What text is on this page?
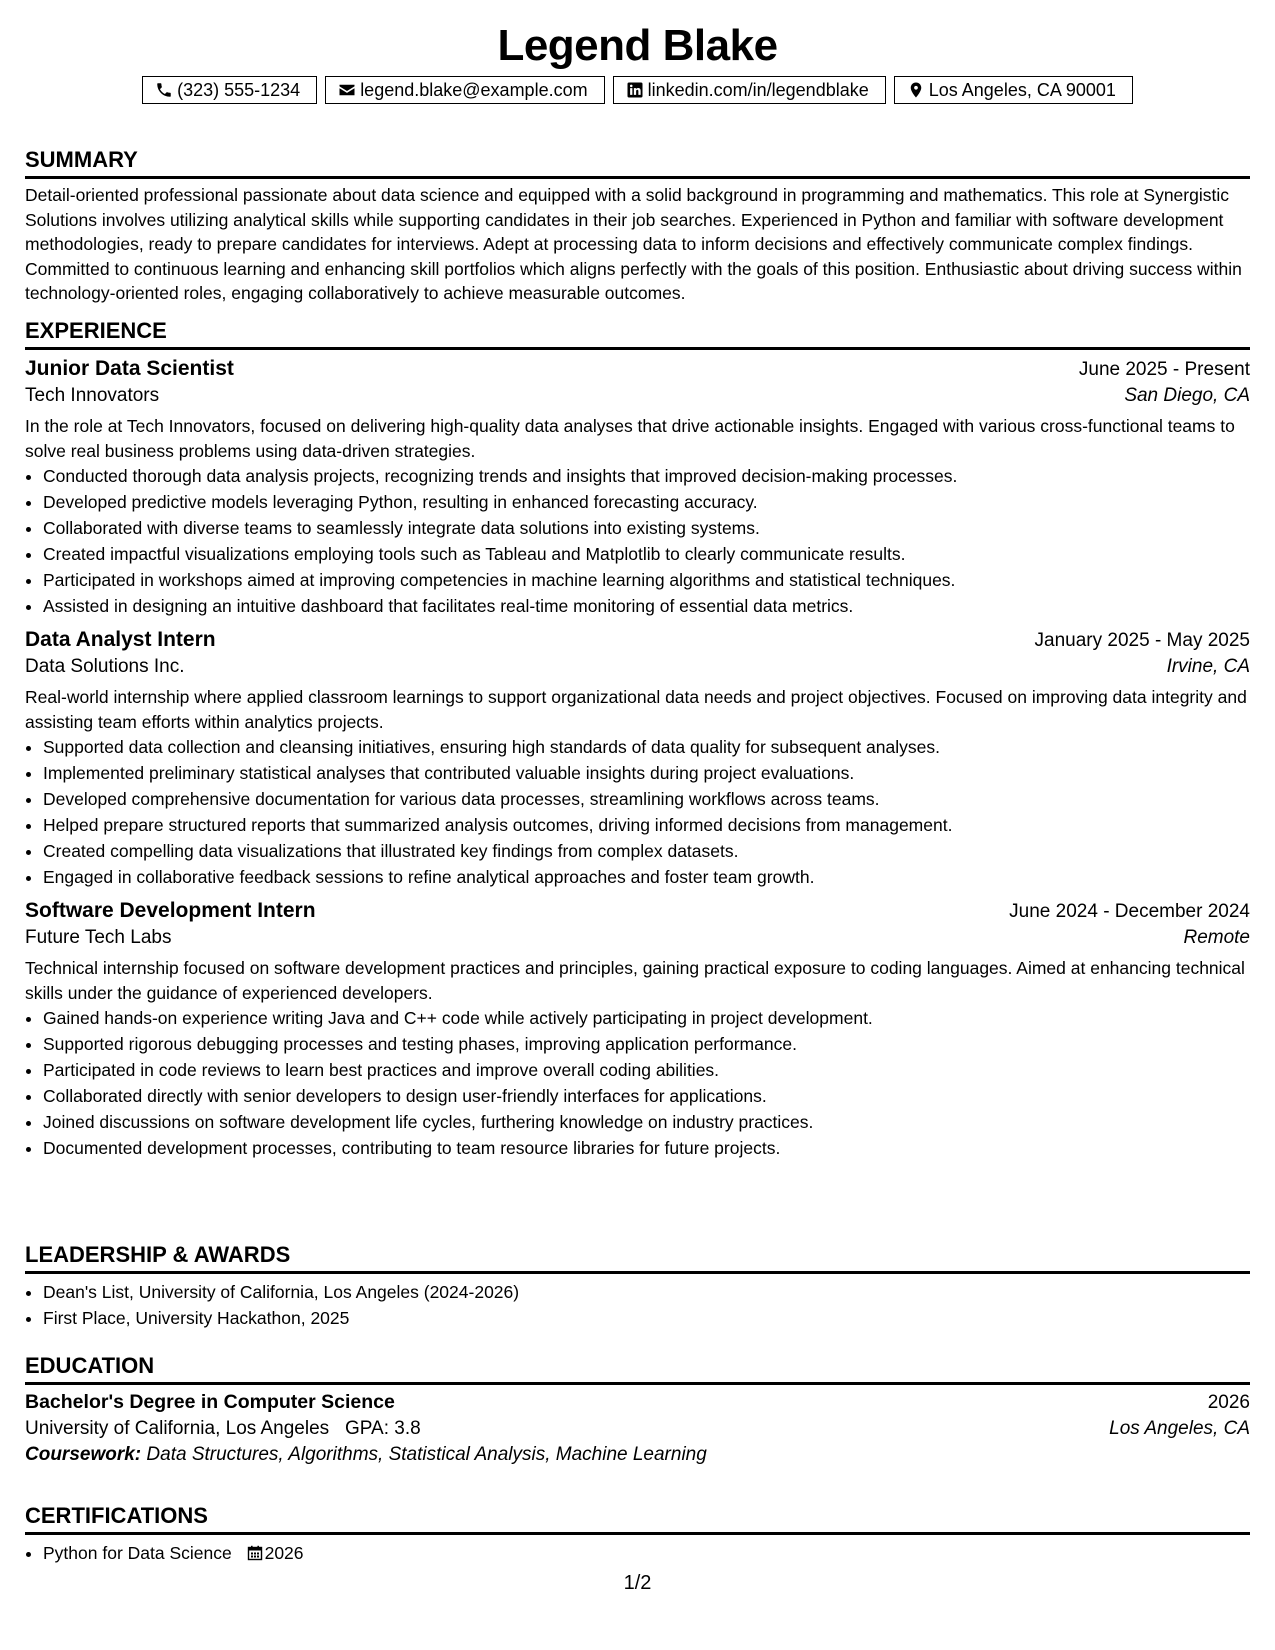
Legend Blake
(323) 555-1234	legend.blake@example.com	linkedin.com/in/legendblake	Los Angeles, CA 90001
SUMMARY

Detail-oriented professional passionate about data science and equipped with a solid background in programming and mathematics. This role at Synergistic Solutions involves utilizing analytical skills while supporting candidates in their job searches. Experienced in Python and familiar with software development methodologies, ready to prepare candidates for interviews. Adept at processing data to inform decisions and effectively communicate complex findings. Committed to continuous learning and enhancing skill portfolios which aligns perfectly with the goals of this position. Enthusiastic about driving success within technology-oriented roles, engaging collaboratively to achieve measurable outcomes.

EXPERIENCE
Junior Data Scientist	June 2025 - Present
Tech Innovators	San Diego, CA

In the role at Tech Innovators, focused on delivering high-quality data analyses that drive actionable insights. Engaged with various cross-functional teams to solve real business problems using data-driven strategies.

• Conducted thorough data analysis projects, recognizing trends and insights that improved decision-making processes.
• Developed predictive models leveraging Python, resulting in enhanced forecasting accuracy.
• Collaborated with diverse teams to seamlessly integrate data solutions into existing systems.
• Created impactful visualizations employing tools such as Tableau and Matplotlib to clearly communicate results.
• Participated in workshops aimed at improving competencies in machine learning algorithms and statistical techniques.
• Assisted in designing an intuitive dashboard that facilitates real-time monitoring of essential data metrics.
Data Analyst Intern	January 2025 - May 2025
Data Solutions Inc.	Irvine, CA

Real-world internship where applied classroom learnings to support organizational data needs and project objectives. Focused on improving data integrity and assisting team efforts within analytics projects.

• Supported data collection and cleansing initiatives, ensuring high standards of data quality for subsequent analyses.
• Implemented preliminary statistical analyses that contributed valuable insights during project evaluations.
• Developed comprehensive documentation for various data processes, streamlining workflows across teams.
• Helped prepare structured reports that summarized analysis outcomes, driving informed decisions from management.
• Created compelling data visualizations that illustrated key findings from complex datasets.
• Engaged in collaborative feedback sessions to refine analytical approaches and foster team growth.
Software Development Intern	June 2024 - December 2024
Future Tech Labs	Remote

Technical internship focused on software development practices and principles, gaining practical exposure to coding languages. Aimed at enhancing technical skills under the guidance of experienced developers.

• Gained hands-on experience writing Java and C++ code while actively participating in project development.
• Supported rigorous debugging processes and testing phases, improving application performance.
• Participated in code reviews to learn best practices and improve overall coding abilities.
• Collaborated directly with senior developers to design user-friendly interfaces for applications.
• Joined discussions on software development life cycles, furthering knowledge on industry practices.
• Documented development processes, contributing to team resource libraries for future projects.
LEADERSHIP & AWARDS
• Dean's List, University of California, Los Angeles (2024-2026)
• First Place, University Hackathon, 2025
EDUCATION
Bachelor's Degree in Computer Science	2026
University of California, Los Angeles GPA: 3.8	Los Angeles, CA
Coursework: Data Structures, Algorithms, Statistical Analysis, Machine Learning
CERTIFICATIONS
• Python for Data Science 2026
1/2
